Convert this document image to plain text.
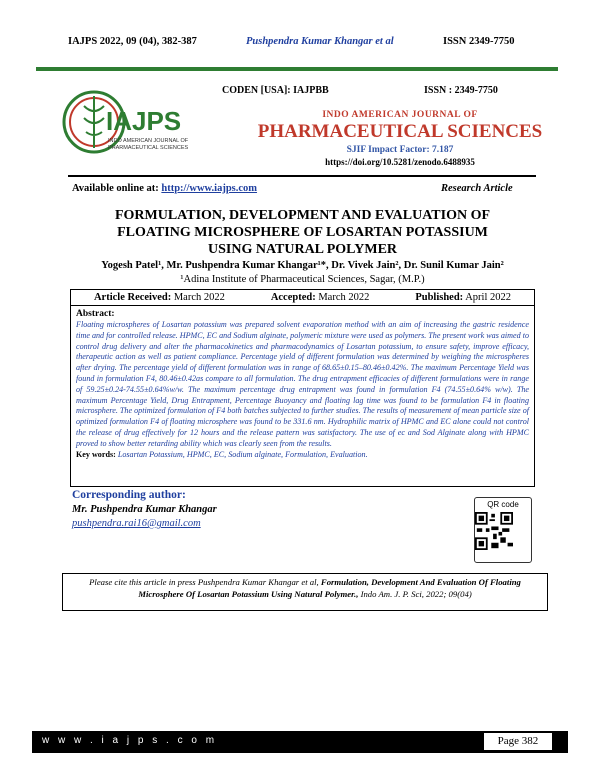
IAJPS 2022, 09 (04), 382-387	Pushpendra Kumar Khangar et al	ISSN 2349-7750
IAJPS
INDO AMERICAN JOURNAL OF
PHARMACEUTICAL SCIENCES
CODEN [USA]: IAJPBB	ISSN : 2349-7750
INDO AMERICAN JOURNAL OF
PHARMACEUTICAL SCIENCES
SJIF Impact Factor: 7.187
https://doi.org/10.5281/zenodo.6488935
Available online at: http://www.iajps.com	Research Article
FORMULATION, DEVELOPMENT AND EVALUATION OF
FLOATING MICROSPHERE OF LOSARTAN POTASSIUM
USING NATURAL POLYMER
Yogesh Patel¹, Mr. Pushpendra Kumar Khangar¹*, Dr. Vivek Jain², Dr. Sunil Kumar Jain²
¹Adina Institute of Pharmaceutical Sciences, Sagar, (M.P.)
Article Received: March 2022	Accepted: March 2022	Published: April 2022
Abstract:
Floating microspheres of Losartan potassium was prepared solvent evaporation method with an aim of increasing the gastric residence time and for controlled release. HPMC, EC and Sodium alginate, polymeric mixture were used as polymers. The present work was aimed to control drug delivery and alter the pharmacokinetics and pharmacodynamics of Losartan potassium, to ensure safety, improve efficacy, therapeutic action as well as patient compliance. Percentage yield of different formulation was determined by weighing the microspheres after drying. The percentage yield of different formulation was in range of 68.65±0.15–80.46±0.42%. The maximum Percentage Yield was found in formulation F4, 80.46±0.42as compare to all formulation. The drug entrapment efficacies of different formulations were in range of 59.25±0.24-74.55±0.64%w/w. The maximum percentage drug entrapment was found in formulation F4 (74.55±0.64% w/w). The maximum Percentage Yield, Drug Entrapment, Percentage Buoyancy and floating lag time was found to be formulation F4 in floating microsphere. The optimized formulation of F4 both batches subjected to further studies. The results of measurement of mean particle size of optimized formulation F4 of floating microsphere was found to be 331.6 nm. Hydrophilic matrix of HPMC and EC alone could not control the release of drug effectively for 12 hours and the release pattern was satisfactory. The use of ec and Sod Alginate along with HPMC proved to show better retarding ability which was clearly seen from the results.
Key words: Losartan Potassium, HPMC, EC, Sodium alginate, Formulation, Evaluation.
Corresponding author:
Mr. Pushpendra Kumar Khangar
pushpendra.rai16@gmail.com
QR code
Please cite this article in press Pushpendra Kumar Khangar et al, Formulation, Development And Evaluation Of Floating Microsphere Of Losartan Potassium Using Natural Polymer., Indo Am. J. P. Sci, 2022; 09(04)
w w w . i a j p s . c o m	Page 382
